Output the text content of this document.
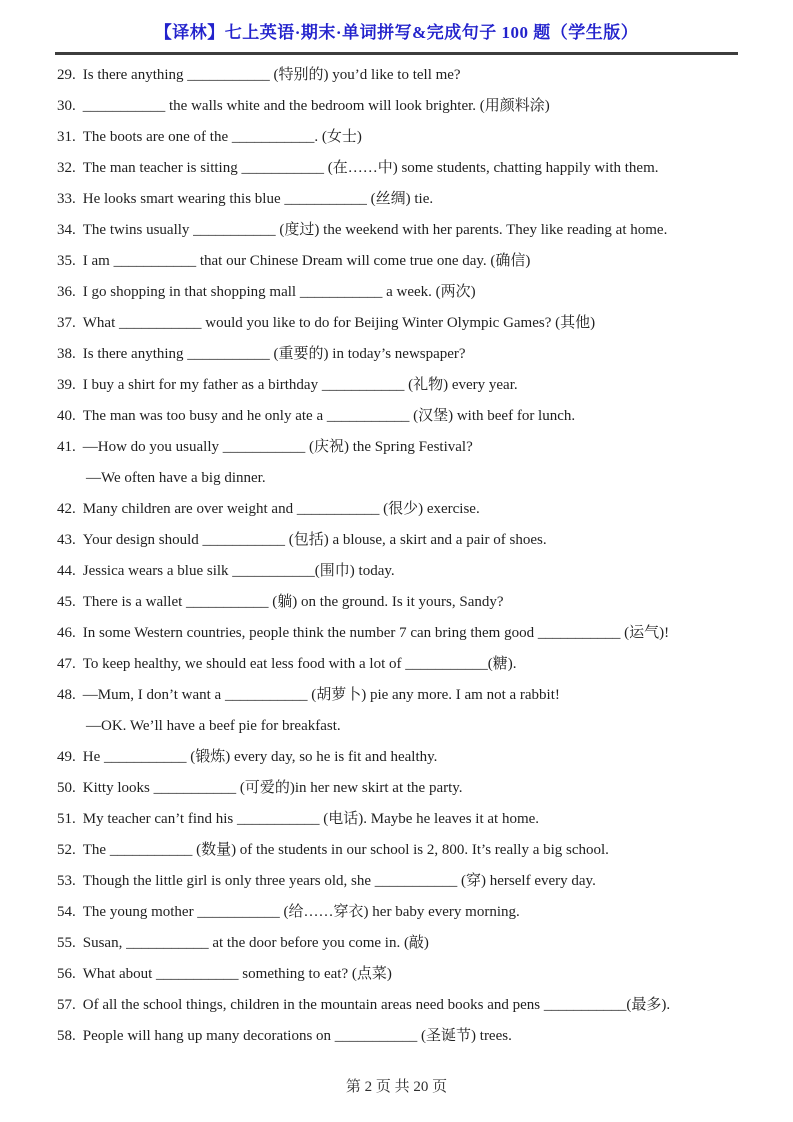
【译林】七上英语·期末·单词拼写&完成句子 100 题（学生版）
29. Is there anything ___________ (特别的) you’d like to tell me?
30. ___________ the walls white and the bedroom will look brighter. (用颜料涂)
31. The boots are one of the ___________. (女士)
32. The man teacher is sitting ___________ (在……中) some students, chatting happily with them.
33. He looks smart wearing this blue ___________ (丝绸) tie.
34. The twins usually ___________ (度过) the weekend with her parents. They like reading at home.
35. I am ___________ that our Chinese Dream will come true one day. (确信)
36. I go shopping in that shopping mall ___________ a week. (两次)
37. What ___________ would you like to do for Beijing Winter Olympic Games? (其他)
38. Is there anything ___________ (重要的) in today’s newspaper?
39. I buy a shirt for my father as a birthday ___________ (礼物) every year.
40. The man was too busy and he only ate a ___________ (汉堡) with beef for lunch.
41. —How do you usually ___________ (庆祝) the Spring Festival?
—We often have a big dinner.
42. Many children are over weight and ___________ (很少) exercise.
43. Your design should ___________ (包括) a blouse, a skirt and a pair of shoes.
44. Jessica wears a blue silk ___________(围巾) today.
45. There is a wallet ___________ (躺) on the ground. Is it yours, Sandy?
46. In some Western countries, people think the number 7 can bring them good ___________ (运气)!
47. To keep healthy, we should eat less food with a lot of ___________(糖).
48. —Mum, I don’t want a ___________ (胡萝卜) pie any more. I am not a rabbit!
—OK. We’ll have a beef pie for breakfast.
49. He ___________ (锻炼) every day, so he is fit and healthy.
50. Kitty looks ___________ (可爱的)in her new skirt at the party.
51. My teacher can’t find his ___________ (电话). Maybe he leaves it at home.
52. The ___________ (数量) of the students in our school is 2, 800. It’s really a big school.
53. Though the little girl is only three years old, she ___________ (穿) herself every day.
54. The young mother ___________ (给……穿衣) her baby every morning.
55. Susan, ___________ at the door before you come in. (敲)
56. What about ___________ something to eat? (点菜)
57. Of all the school things, children in the mountain areas need books and pens ___________(最多).
58. People will hang up many decorations on ___________ (圣诞节) trees.
第 2 页 共 20 页
